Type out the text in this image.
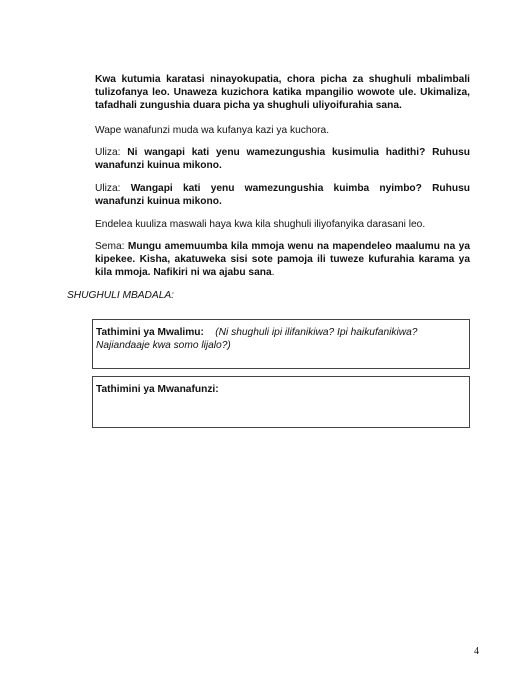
Kwa kutumia karatasi ninayokupatia, chora picha za shughuli mbalimbali tulizofanya leo. Unaweza kuzichora katika mpangilio wowote ule. Ukimaliza, tafadhali zungushia duara picha ya shughuli uliyoifurahia sana.
Wape wanafunzi muda wa kufanya kazi ya kuchora.
Uliza: Ni wangapi kati yenu wamezungushia kusimulia hadithi? Ruhusu wanafunzi kuinua mikono.
Uliza: Wangapi kati yenu wamezungushia kuimba nyimbo? Ruhusu wanafunzi kuinua mikono.
Endelea kuuliza maswali haya kwa kila shughuli iliyofanyika darasani leo.
Sema: Mungu amemuumba kila mmoja wenu na mapendeleo maalumu na ya kipekee. Kisha, akatuweka sisi sote pamoja ili tuweze kufurahia karama ya kila mmoja. Nafikiri ni wa ajabu sana.
SHUGHULI MBADALA:
Tathimini ya Mwalimu: (Ni shughuli ipi ilifanikiwa? Ipi haikufanikiwa? Najiandaaje kwa somo lijalo?)
Tathimini ya Mwanafunzi:
4
